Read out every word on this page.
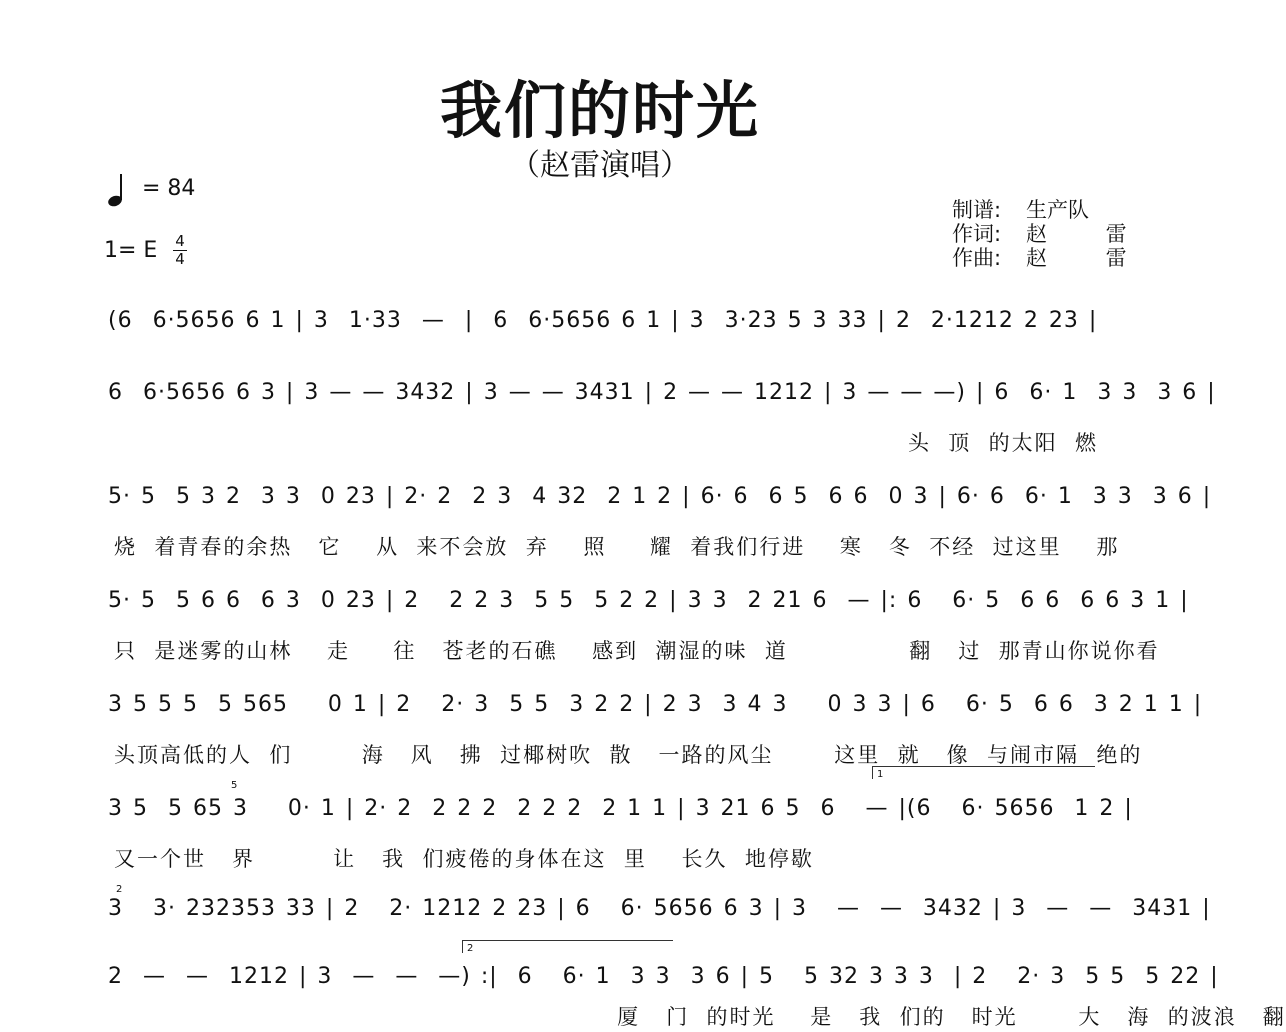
我们的时光
（赵雷演唱）
= 84
1= E 4
4
制谱:	生产队
作词:	赵 雷
作曲:	赵 雷
(6  6·5656 6 1 | 3  1·33  —  |  6  6·5656 6 1 | 3  3·23 5 3 33 | 2  2·1212 2 23 |
6  6·5656 6 3 | 3 — — 3432 | 3 — — 3431 | 2 — — 1212 | 3 — — —) | 6  6· 1  3 3  3 6 |
头  顶  的太阳  燃
5· 5  5 3 2  3 3  0 23 | 2· 2  2 3  4 32  2 1 2 | 6· 6  6 5  6 6  0 3 | 6· 6  6· 1  3 3  3 6 |
烧  着青春的余热   它    从  来不会放  弃    照     耀  着我们行进    寒   冬  不经  过这里    那
5· 5  5 6 6  6 3  0 23 | 2   2 2 3  5 5  5 2 2 | 3 3  2 21 6  — |: 6   6· 5  6 6  6 6 3 1 |
只  是迷雾的山林    走     往   苍老的石礁    感到  潮湿的味  道              翻   过  那青山你说你看
3 5 5 5  5 565    0 1 | 2   2· 3  5 5  3 2 2 | 2 3  3 4 3    0 3 3 | 6   6· 5  6 6  3 2 1 1 |
头顶高低的人  们        海   风   拂  过椰树吹  散   一路的风尘       这里  就   像  与闹市隔  绝的
1
3 5  5 65 3    0· 1 | 2· 2  2 2 2  2 2 2  2 1 1 | 3 21 6 5  6   — |(6   6· 5656  1 2 |
又一个世   界         让   我  们疲倦的身体在这  里    长久  地停歇
5
2
3   3· 232353 33 | 2   2· 1212 2 23 | 6   6· 5656 6 3 | 3   —  —  3432 | 3  —  —  3431 |
2
2  —  —  1212 | 3  —  —  —) :|  6   6· 1  3 3  3 6 | 5   5 32 3 3 3  | 2   2· 3  5 5  5 22 |
厦   门  的时光    是   我  们的   时光       大   海  的波浪   翻
